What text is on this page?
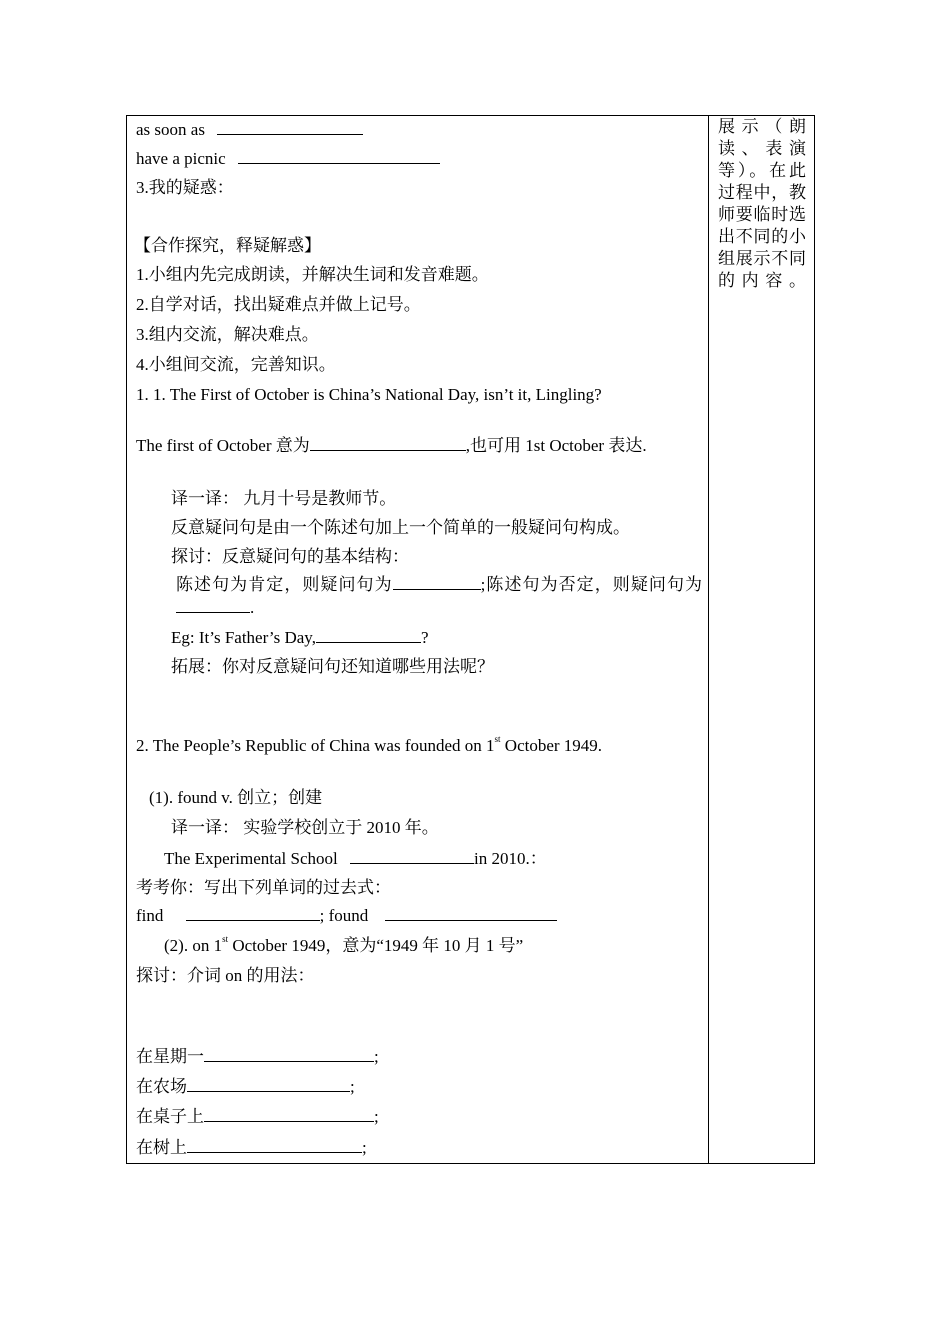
as soon as
have a picnic
3.我的疑惑：
【合作探究，释疑解惑】
1.小组内先完成朗读，并解决生词和发音难题。
2.自学对话，找出疑难点并做上记号。
3.组内交流，解决难点。
4.小组间交流，完善知识。
1. 1. The First of October is China’s National Day, isn’t it, Lingling?
The first of October 意为	,也可用 1st October 表达.
译一译： 九月十号是教师节。
反意疑问句是由一个陈述句加上一个简单的一般疑问句构成。
探讨：反意疑问句的基本结构：
陈述句为肯定，则疑问句为	;陈述句为否定，则疑问句为.
Eg: It’s Father’s Day,	?
拓展：你对反意疑问句还知道哪些用法呢？
2. The People’s Republic of China was founded on 1st October 1949.
(1). found v. 创立；创建
译一译： 实验学校创立于 2010 年。
The Experimental School	in 2010.：
考考你：写出下列单词的过去式：
find	; found
(2). on 1st October 1949，意为“1949 年 10 月 1 号”
探讨：介词 on 的用法：
在星期一	;
在农场	;
在桌子上	;
在树上	;
展示（朗读、表演等）。在此过程中，教师要临时选出不同的小组展示不同的内容。
